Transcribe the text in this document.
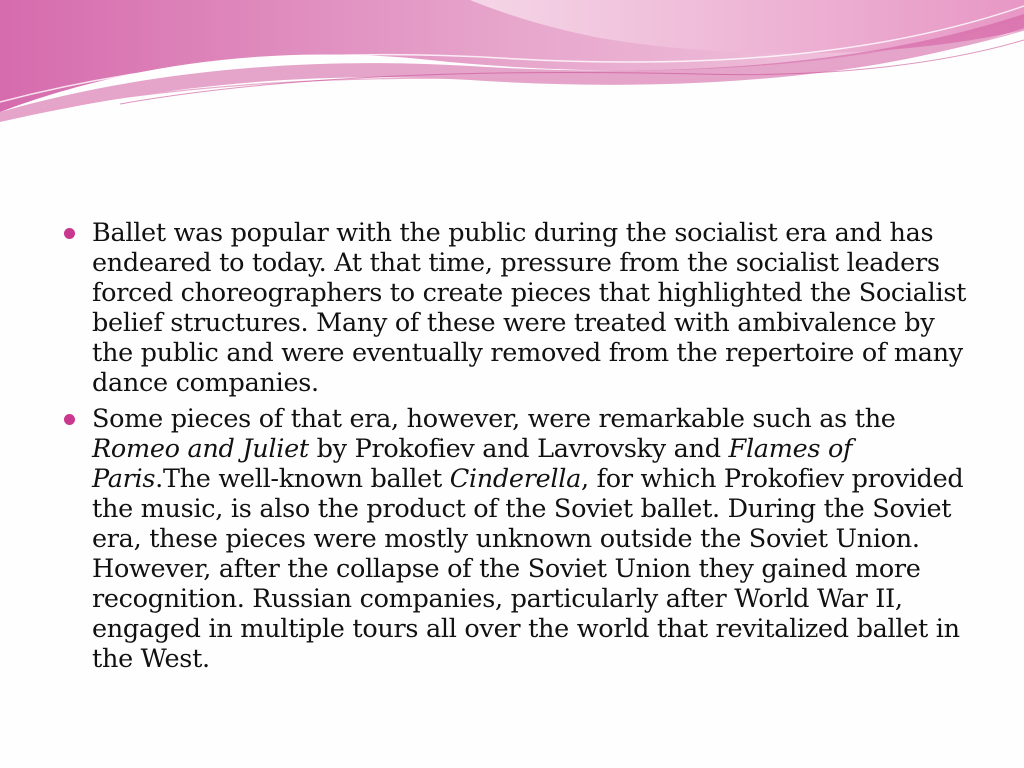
Ballet was popular with the public during the socialist era and has endeared to today. At that time, pressure from the socialist leaders forced choreographers to create pieces that highlighted the Socialist belief structures. Many of these were treated with ambivalence by the public and were eventually removed from the repertoire of many dance companies.
Some pieces of that era, however, were remarkable such as the Romeo and Juliet by Prokofiev and Lavrovsky and Flames of Paris.The well-known ballet Cinderella, for which Prokofiev provided the music, is also the product of the Soviet ballet. During the Soviet era, these pieces were mostly unknown outside the Soviet Union. However, after the collapse of the Soviet Union they gained more recognition. Russian companies, particularly after World War II, engaged in multiple tours all over the world that revitalized ballet in the West.
